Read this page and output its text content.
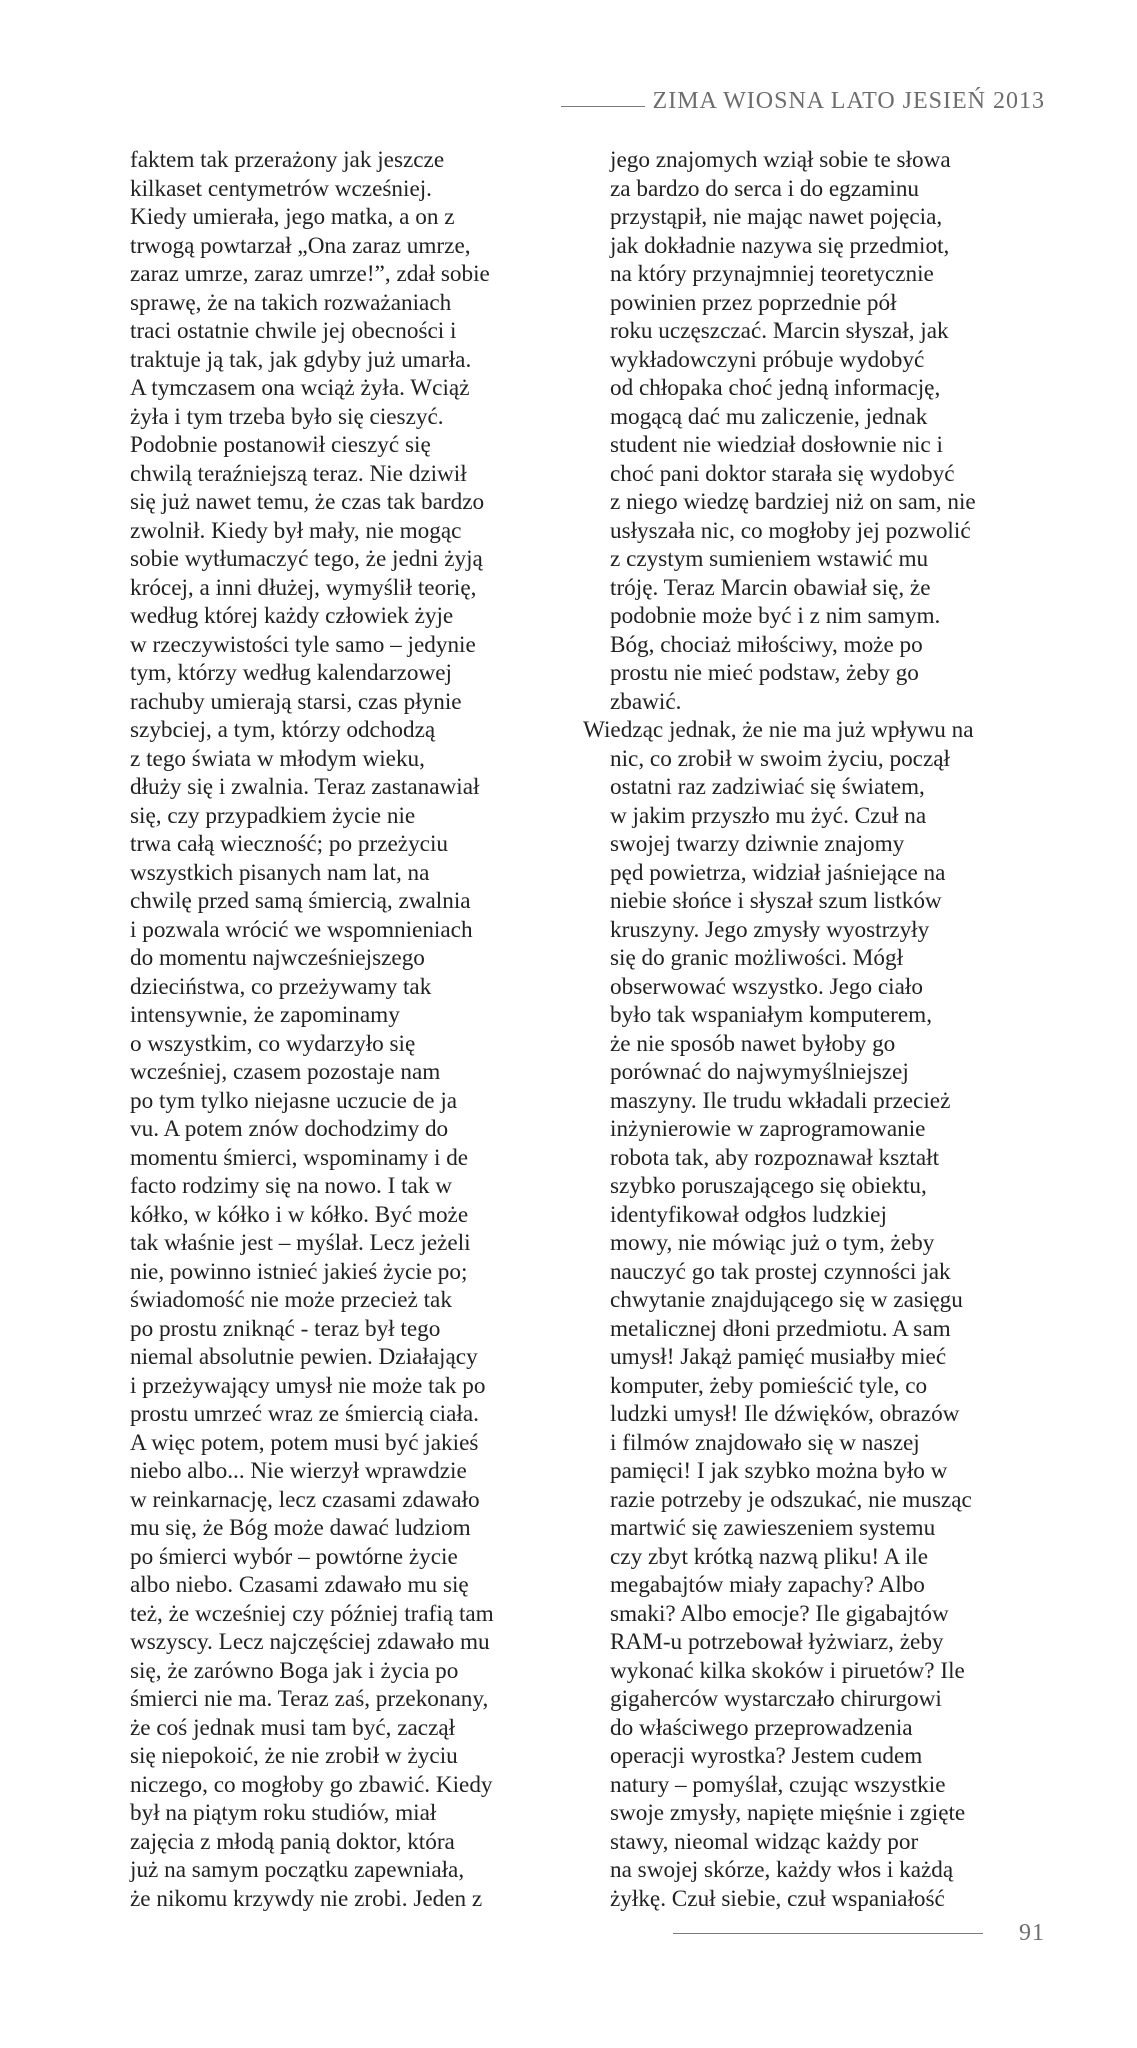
ZIMA WIOSNA LATO JESIEŃ 2013
faktem tak przerażony jak jeszcze
kilkaset centymetrów wcześniej.
Kiedy umierała, jego matka, a on z
trwogą powtarzał „Ona zaraz umrze,
zaraz umrze, zaraz umrze!”, zdał sobie
sprawę, że na takich rozważaniach
traci ostatnie chwile jej obecności i
traktuje ją tak, jak gdyby już umarła.
A tymczasem ona wciąż żyła. Wciąż
żyła i tym trzeba było się cieszyć.
Podobnie postanowił cieszyć się
chwilą teraźniejszą teraz. Nie dziwił
się już nawet temu, że czas tak bardzo
zwolnił. Kiedy był mały, nie mogąc
sobie wytłumaczyć tego, że jedni żyją
krócej, a inni dłużej, wymyślił teorię,
według której każdy człowiek żyje
w rzeczywistości tyle samo – jedynie
tym, którzy według kalendarzowej
rachuby umierają starsi, czas płynie
szybciej, a tym, którzy odchodzą
z tego świata w młodym wieku,
dłuży się i zwalnia. Teraz zastanawiał
się, czy przypadkiem życie nie
trwa całą wieczność; po przeżyciu
wszystkich pisanych nam lat, na
chwilę przed samą śmiercią, zwalnia
i pozwala wrócić we wspomnieniach
do momentu najwcześniejszego
dzieciństwa, co przeżywamy tak
intensywnie, że zapominamy
o wszystkim, co wydarzyło się
wcześniej, czasem pozostaje nam
po tym tylko niejasne uczucie de ja
vu. A potem znów dochodzimy do
momentu śmierci, wspominamy i de
facto rodzimy się na nowo. I tak w
kółko, w kółko i w kółko. Być może
tak właśnie jest – myślał. Lecz jeżeli
nie, powinno istnieć jakieś życie po;
świadomość nie może przecież tak
po prostu zniknąć - teraz był tego
niemal absolutnie pewien. Działający
i przeżywający umysł nie może tak po
prostu umrzeć wraz ze śmiercią ciała.
A więc potem, potem musi być jakieś
niebo albo... Nie wierzył wprawdzie
w reinkarnację, lecz czasami zdawało
mu się, że Bóg może dawać ludziom
po śmierci wybór – powtórne życie
albo niebo. Czasami zdawało mu się
też, że wcześniej czy później trafią tam
wszyscy. Lecz najczęściej zdawało mu
się, że zarówno Boga jak i życia po
śmierci nie ma. Teraz zaś, przekonany,
że coś jednak musi tam być, zaczął
się niepokoić, że nie zrobił w życiu
niczego, co mogłoby go zbawić. Kiedy
był na piątym roku studiów, miał
zajęcia z młodą panią doktor, która
już na samym początku zapewniała,
że nikomu krzywdy nie zrobi. Jeden z
jego znajomych wziął sobie te słowa
za bardzo do serca i do egzaminu
przystąpił, nie mając nawet pojęcia,
jak dokładnie nazywa się przedmiot,
na który przynajmniej teoretycznie
powinien przez poprzednie pół
roku uczęszczać. Marcin słyszał, jak
wykładowczyni próbuje wydobyć
od chłopaka choć jedną informację,
mogącą dać mu zaliczenie, jednak
student nie wiedział dosłownie nic i
choć pani doktor starała się wydobyć
z niego wiedzę bardziej niż on sam, nie
usłyszała nic, co mogłoby jej pozwolić
z czystym sumieniem wstawić mu
tróję. Teraz Marcin obawiał się, że
podobnie może być i z nim samym.
Bóg, chociaż miłościwy, może po
prostu nie mieć podstaw, żeby go
zbawić.
Wiedząc jednak, że nie ma już wpływu na
nic, co zrobił w swoim życiu, począł
ostatni raz zadziwiać się światem,
w jakim przyszło mu żyć. Czuł na
swojej twarzy dziwnie znajomy
pęd powietrza, widział jaśniejące na
niebie słońce i słyszał szum listków
kruszyny. Jego zmysły wyostrzyły
się do granic możliwości. Mógł
obserwować wszystko. Jego ciało
było tak wspaniałym komputerem,
że nie sposób nawet byłoby go
porównać do najwymyślniejszej
maszyny. Ile trudu wkładali przecież
inżynierowie w zaprogramowanie
robota tak, aby rozpoznawał kształt
szybko poruszającego się obiektu,
identyfikował odgłos ludzkiej
mowy, nie mówiąc już o tym, żeby
nauczyć go tak prostej czynności jak
chwytanie znajdującego się w zasięgu
metalicznej dłoni przedmiotu. A sam
umysł! Jakąż pamięć musiałby mieć
komputer, żeby pomieścić tyle, co
ludzki umysł! Ile dźwięków, obrazów
i filmów znajdowało się w naszej
pamięci! I jak szybko można było w
razie potrzeby je odszukać, nie musząc
martwić się zawieszeniem systemu
czy zbyt krótką nazwą pliku! A ile
megabajtów miały zapachy? Albo
smaki? Albo emocje? Ile gigabajtów
RAM-u potrzebował łyżwiarz, żeby
wykonać kilka skoków i piruetów? Ile
gigaherców wystarczało chirurgowi
do właściwego przeprowadzenia
operacji wyrostka? Jestem cudem
natury – pomyślał, czując wszystkie
swoje zmysły, napięte mięśnie i zgięte
stawy, nieomal widząc każdy por
na swojej skórze, każdy włos i każdą
żyłkę. Czuł siebie, czuł wspaniałość
91
